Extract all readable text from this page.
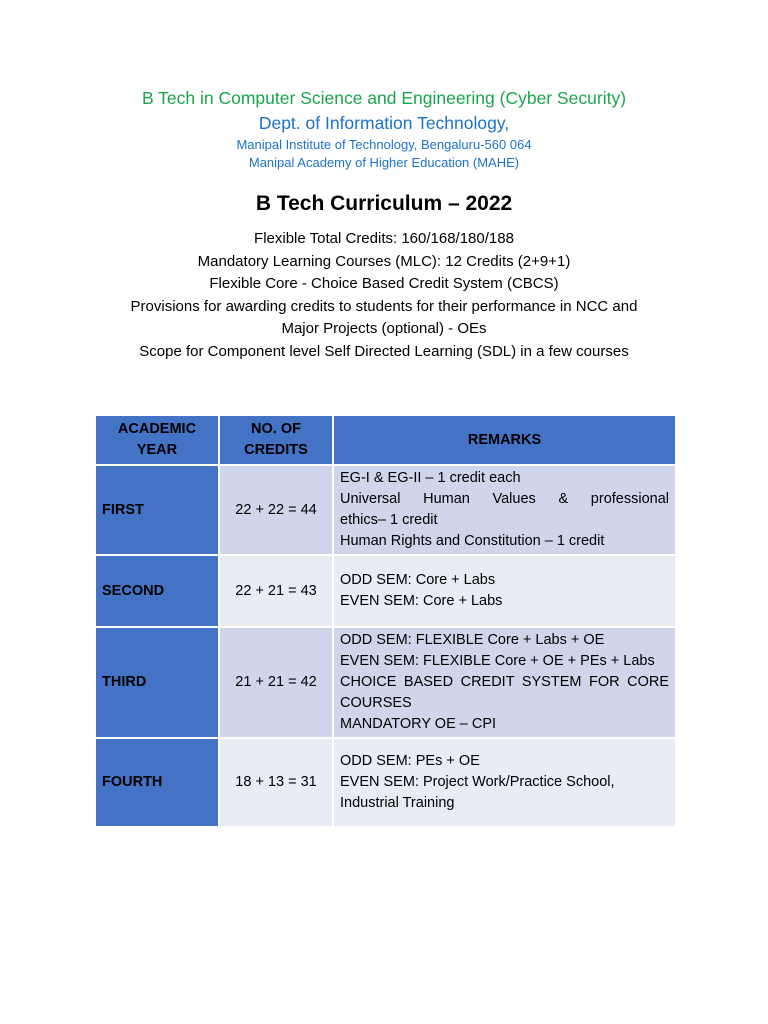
B Tech in Computer Science and Engineering (Cyber Security)
Dept. of Information Technology,
Manipal Institute of Technology, Bengaluru-560 064
Manipal Academy of Higher Education (MAHE)
B Tech Curriculum – 2022
Flexible Total Credits: 160/168/180/188
Mandatory Learning Courses (MLC): 12 Credits (2+9+1)
Flexible Core - Choice Based Credit System (CBCS)
Provisions for awarding credits to students for their performance in NCC and
Major Projects (optional) - OEs
Scope for Component level Self Directed Learning (SDL) in a few courses
ACADEMIC YEAR	NO. OF CREDITS	REMARKS
FIRST	22 + 22 = 44	EG-I & EG-II – 1 credit each
Universal Human Values & professional
ethics– 1 credit
Human Rights and Constitution – 1 credit

SECOND	22 + 21 = 43	ODD SEM: Core + Labs
EVEN SEM: Core + Labs

THIRD	21 + 21 = 42	ODD SEM: FLEXIBLE Core + Labs + OE
EVEN SEM: FLEXIBLE Core + OE + PEs + Labs
CHOICE BASED CREDIT SYSTEM FOR CORE
COURSES
MANDATORY OE – CPI

FOURTH	18 + 13 = 31	ODD SEM: PEs + OE
EVEN SEM: Project Work/Practice School,
Industrial Training
